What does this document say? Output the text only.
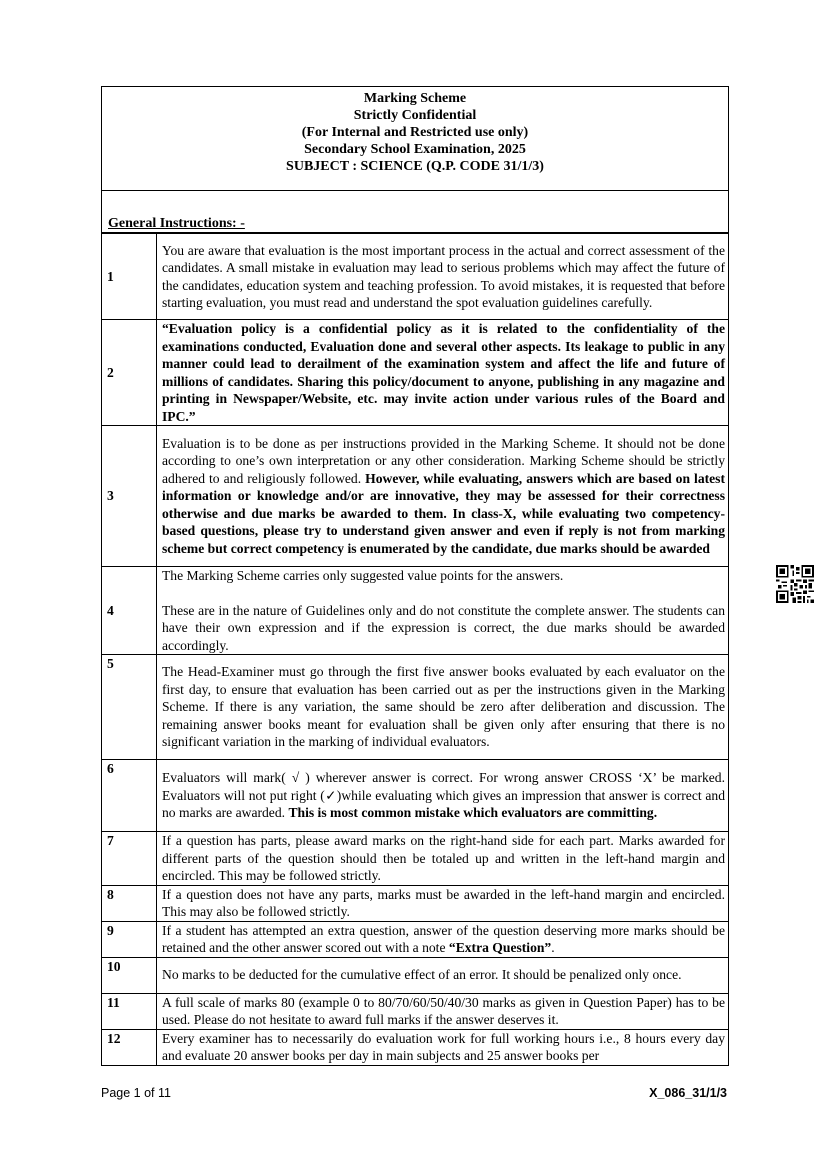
Marking Scheme
Strictly Confidential
(For Internal and Restricted use only)
Secondary School Examination, 2025
SUBJECT : SCIENCE (Q.P. CODE 31/1/3)
General Instructions: -
1	You are aware that evaluation is the most important process in the actual and correct assessment of the candidates. A small mistake in evaluation may lead to serious problems which may affect the future of the candidates, education system and teaching profession. To avoid mistakes, it is requested that before starting evaluation, you must read and understand the spot evaluation guidelines carefully.
2	“Evaluation policy is a confidential policy as it is related to the confidentiality of the examinations conducted, Evaluation done and several other aspects. Its leakage to public in any manner could lead to derailment of the examination system and affect the life and future of millions of candidates. Sharing this policy/document to anyone, publishing in any magazine and printing in Newspaper/Website, etc. may invite action under various rules of the Board and IPC.”
3	Evaluation is to be done as per instructions provided in the Marking Scheme. It should not be done according to one’s own interpretation or any other consideration. Marking Scheme should be strictly adhered to and religiously followed. However, while evaluating, answers which are based on latest information or knowledge and/or are innovative, they may be assessed for their correctness otherwise and due marks be awarded to them. In class-X, while evaluating two competency-based questions, please try to understand given answer and even if reply is not from marking scheme but correct competency is enumerated by the candidate, due marks should be awarded
4	The Marking Scheme carries only suggested value points for the answers.
These are in the nature of Guidelines only and do not constitute the complete answer. The students can have their own expression and if the expression is correct, the due marks should be awarded accordingly.
5	The Head-Examiner must go through the first five answer books evaluated by each evaluator on the first day, to ensure that evaluation has been carried out as per the instructions given in the Marking Scheme. If there is any variation, the same should be zero after deliberation and discussion. The remaining answer books meant for evaluation shall be given only after ensuring that there is no significant variation in the marking of individual evaluators.
6	Evaluators will mark( √ ) wherever answer is correct. For wrong answer CROSS ‘X’ be marked. Evaluators will not put right (✓)while evaluating which gives an impression that answer is correct and no marks are awarded. This is most common mistake which evaluators are committing.
7	If a question has parts, please award marks on the right-hand side for each part. Marks awarded for different parts of the question should then be totaled up and written in the left-hand margin and encircled. This may be followed strictly.
8	If a question does not have any parts, marks must be awarded in the left-hand margin and encircled. This may also be followed strictly.
9	If a student has attempted an extra question, answer of the question deserving more marks should be retained and the other answer scored out with a note “Extra Question”.
10	No marks to be deducted for the cumulative effect of an error. It should be penalized only once.
11	A full scale of marks 80 (example 0 to 80/70/60/50/40/30 marks as given in Question Paper) has to be used. Please do not hesitate to award full marks if the answer deserves it.
12	Every examiner has to necessarily do evaluation work for full working hours i.e., 8 hours every day and evaluate 20 answer books per day in main subjects and 25 answer books per
Page 1 of 11	X_086_31/1/3
